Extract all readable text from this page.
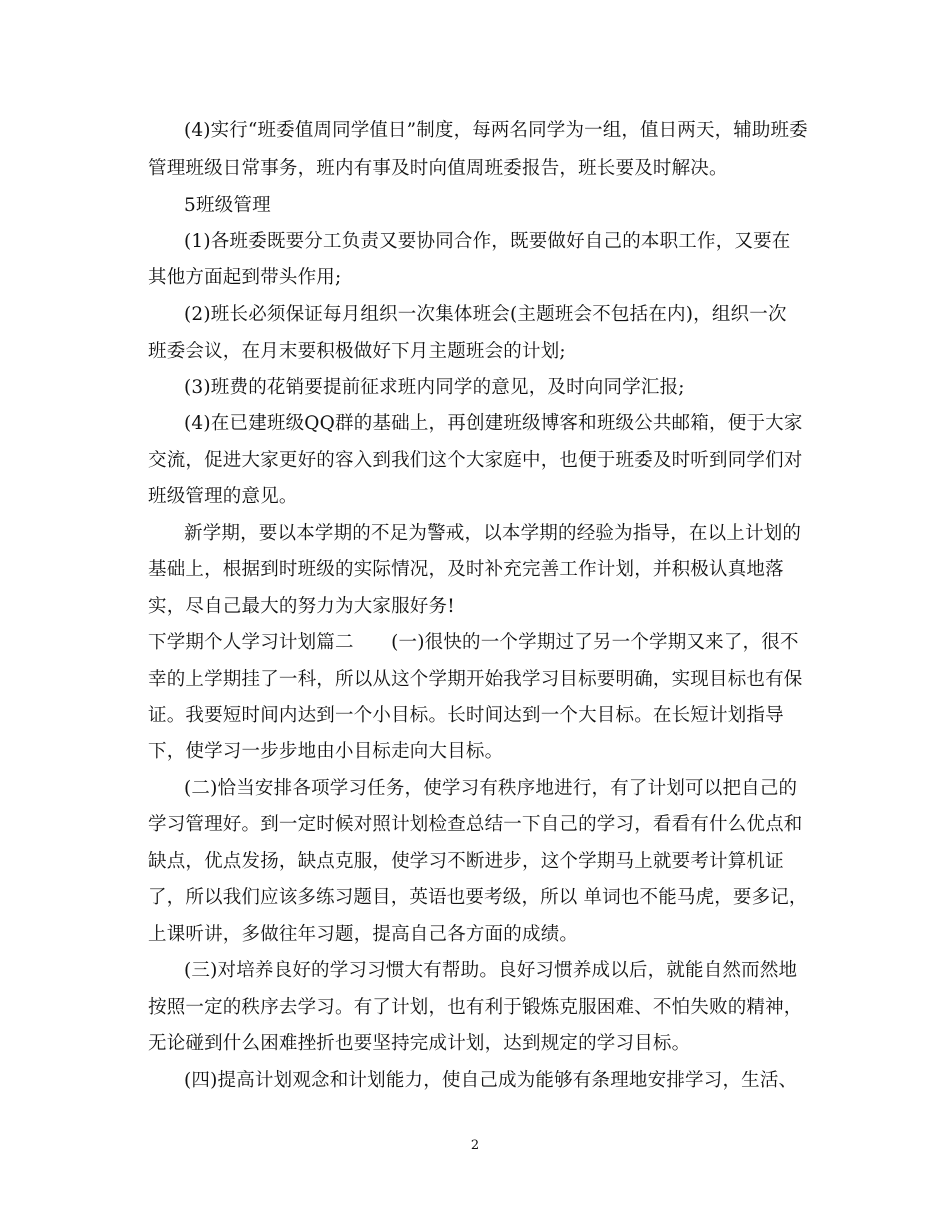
(4)实行“班委值周同学值日”制度，每两名同学为一组，值日两天，辅助班委
管理班级日常事务，班内有事及时向值周班委报告，班长要及时解决。
5班级管理
(1)各班委既要分工负责又要协同合作，既要做好自己的本职工作，又要在
其他方面起到带头作用;
(2)班长必须保证每月组织一次集体班会(主题班会不包括在内)，组织一次
班委会议，在月末要积极做好下月主题班会的计划;
(3)班费的花销要提前征求班内同学的意见，及时向同学汇报;
(4)在已建班级QQ群的基础上，再创建班级博客和班级公共邮箱，便于大家
交流，促进大家更好的容入到我们这个大家庭中，也便于班委及时听到同学们对
班级管理的意见。
新学期，要以本学期的不足为警戒，以本学期的经验为指导，在以上计划的
基础上，根据到时班级的实际情况，及时补充完善工作计划，并积极认真地落
实，尽自己最大的努力为大家服好务!
下学期个人学习计划篇二　　(一)很快的一个学期过了另一个学期又来了，很不
幸的上学期挂了一科，所以从这个学期开始我学习目标要明确，实现目标也有保
证。我要短时间内达到一个小目标。长时间达到一个大目标。在长短计划指导
下，使学习一步步地由小目标走向大目标。
(二)恰当安排各项学习任务，使学习有秩序地进行，有了计划可以把自己的
学习管理好。到一定时候对照计划检查总结一下自己的学习，看看有什么优点和
缺点，优点发扬，缺点克服，使学习不断进步，这个学期马上就要考计算机证
了，所以我们应该多练习题目，英语也要考级，所以 单词也不能马虎，要多记，
上课听讲，多做往年习题，提高自己各方面的成绩。
(三)对培养良好的学习习惯大有帮助。良好习惯养成以后，就能自然而然地
按照一定的秩序去学习。有了计划，也有利于锻炼克服困难、不怕失败的精神，
无论碰到什么困难挫折也要坚持完成计划，达到规定的学习目标。
(四)提高计划观念和计划能力，使自己成为能够有条理地安排学习，生活、
2
